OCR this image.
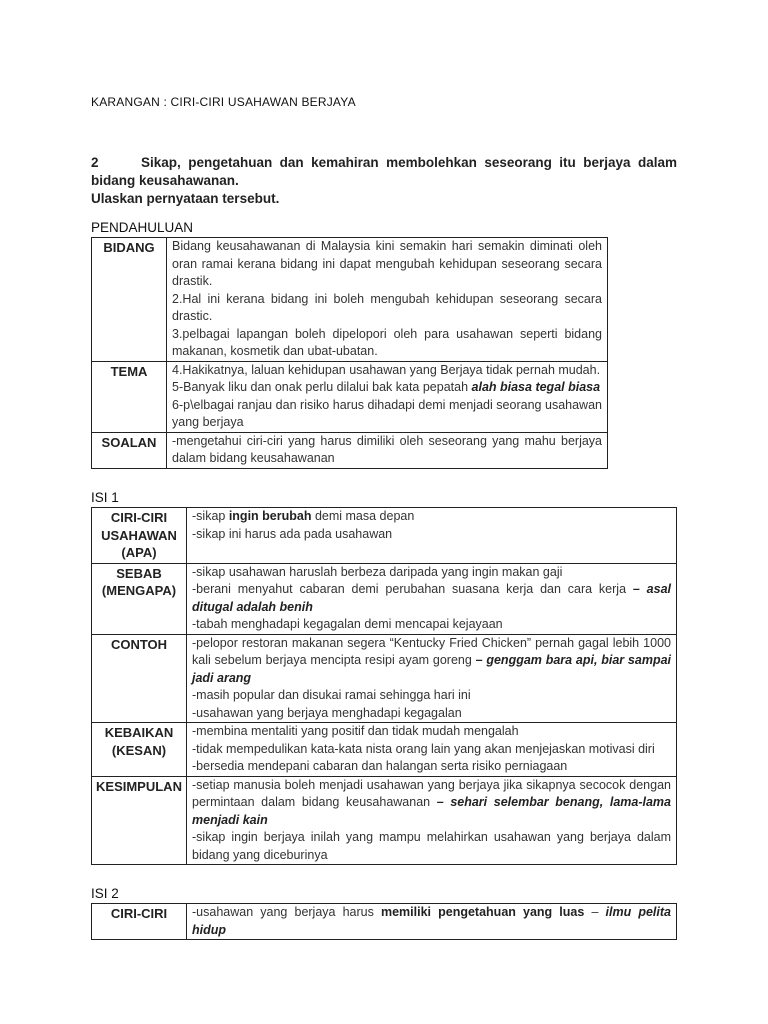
KARANGAN : CIRI-CIRI USAHAWAN BERJAYA
2	Sikap, pengetahuan dan kemahiran membolehkan seseorang itu berjaya dalam bidang keusahawanan.
Ulaskan pernyataan tersebut.
PENDAHULUAN
BIDANG	Bidang keusahawanan di Malaysia kini semakin hari semakin diminati oleh oran ramai kerana bidang ini dapat mengubah kehidupan seseorang secara drastik.
2.Hal ini kerana bidang ini boleh mengubah kehidupan seseorang secara drastic.
3.pelbagai lapangan boleh dipelopori oleh para usahawan seperti bidang makanan, kosmetik dan ubat-ubatan.

TEMA	4.Hakikatnya, laluan kehidupan usahawan yang Berjaya tidak pernah mudah.
5-Banyak liku dan onak perlu dilalui bak kata pepatah alah biasa tegal biasa
6-p\elbagai ranjau dan risiko harus dihadapi demi menjadi seorang usahawan yang berjaya

SOALAN	-mengetahui ciri-ciri yang harus dimiliki oleh seseorang yang mahu berjaya dalam bidang keusahawanan
ISI 1
CIRI-CIRI USAHAWAN (APA)	-sikap ingin berubah demi masa depan
-sikap ini harus ada pada usahawan

SEBAB (MENGAPA)	-sikap usahawan haruslah berbeza daripada yang ingin makan gaji
-berani menyahut cabaran demi perubahan suasana kerja dan cara kerja – asal ditugal adalah benih
-tabah menghadapi kegagalan demi mencapai kejayaan

CONTOH	-pelopor restoran makanan segera “Kentucky Fried Chicken” pernah gagal lebih 1000 kali sebelum berjaya mencipta resipi ayam goreng – genggam bara api, biar sampai jadi arang
-masih popular dan disukai ramai sehingga hari ini
-usahawan yang berjaya menghadapi kegagalan

KEBAIKAN (KESAN)	-membina mentaliti yang positif dan tidak mudah mengalah
-tidak mempedulikan kata-kata nista orang lain yang akan menjejaskan motivasi diri
-bersedia mendepani cabaran dan halangan serta risiko perniagaan

KESIMPULAN	-setiap manusia boleh menjadi usahawan yang berjaya jika sikapnya secocok dengan permintaan dalam bidang keusahawanan – sehari selembar benang, lama-lama menjadi kain
-sikap ingin berjaya inilah yang mampu melahirkan usahawan yang berjaya dalam bidang yang diceburinya
ISI 2
CIRI-CIRI	-usahawan yang berjaya harus memiliki pengetahuan yang luas – ilmu pelita hidup
